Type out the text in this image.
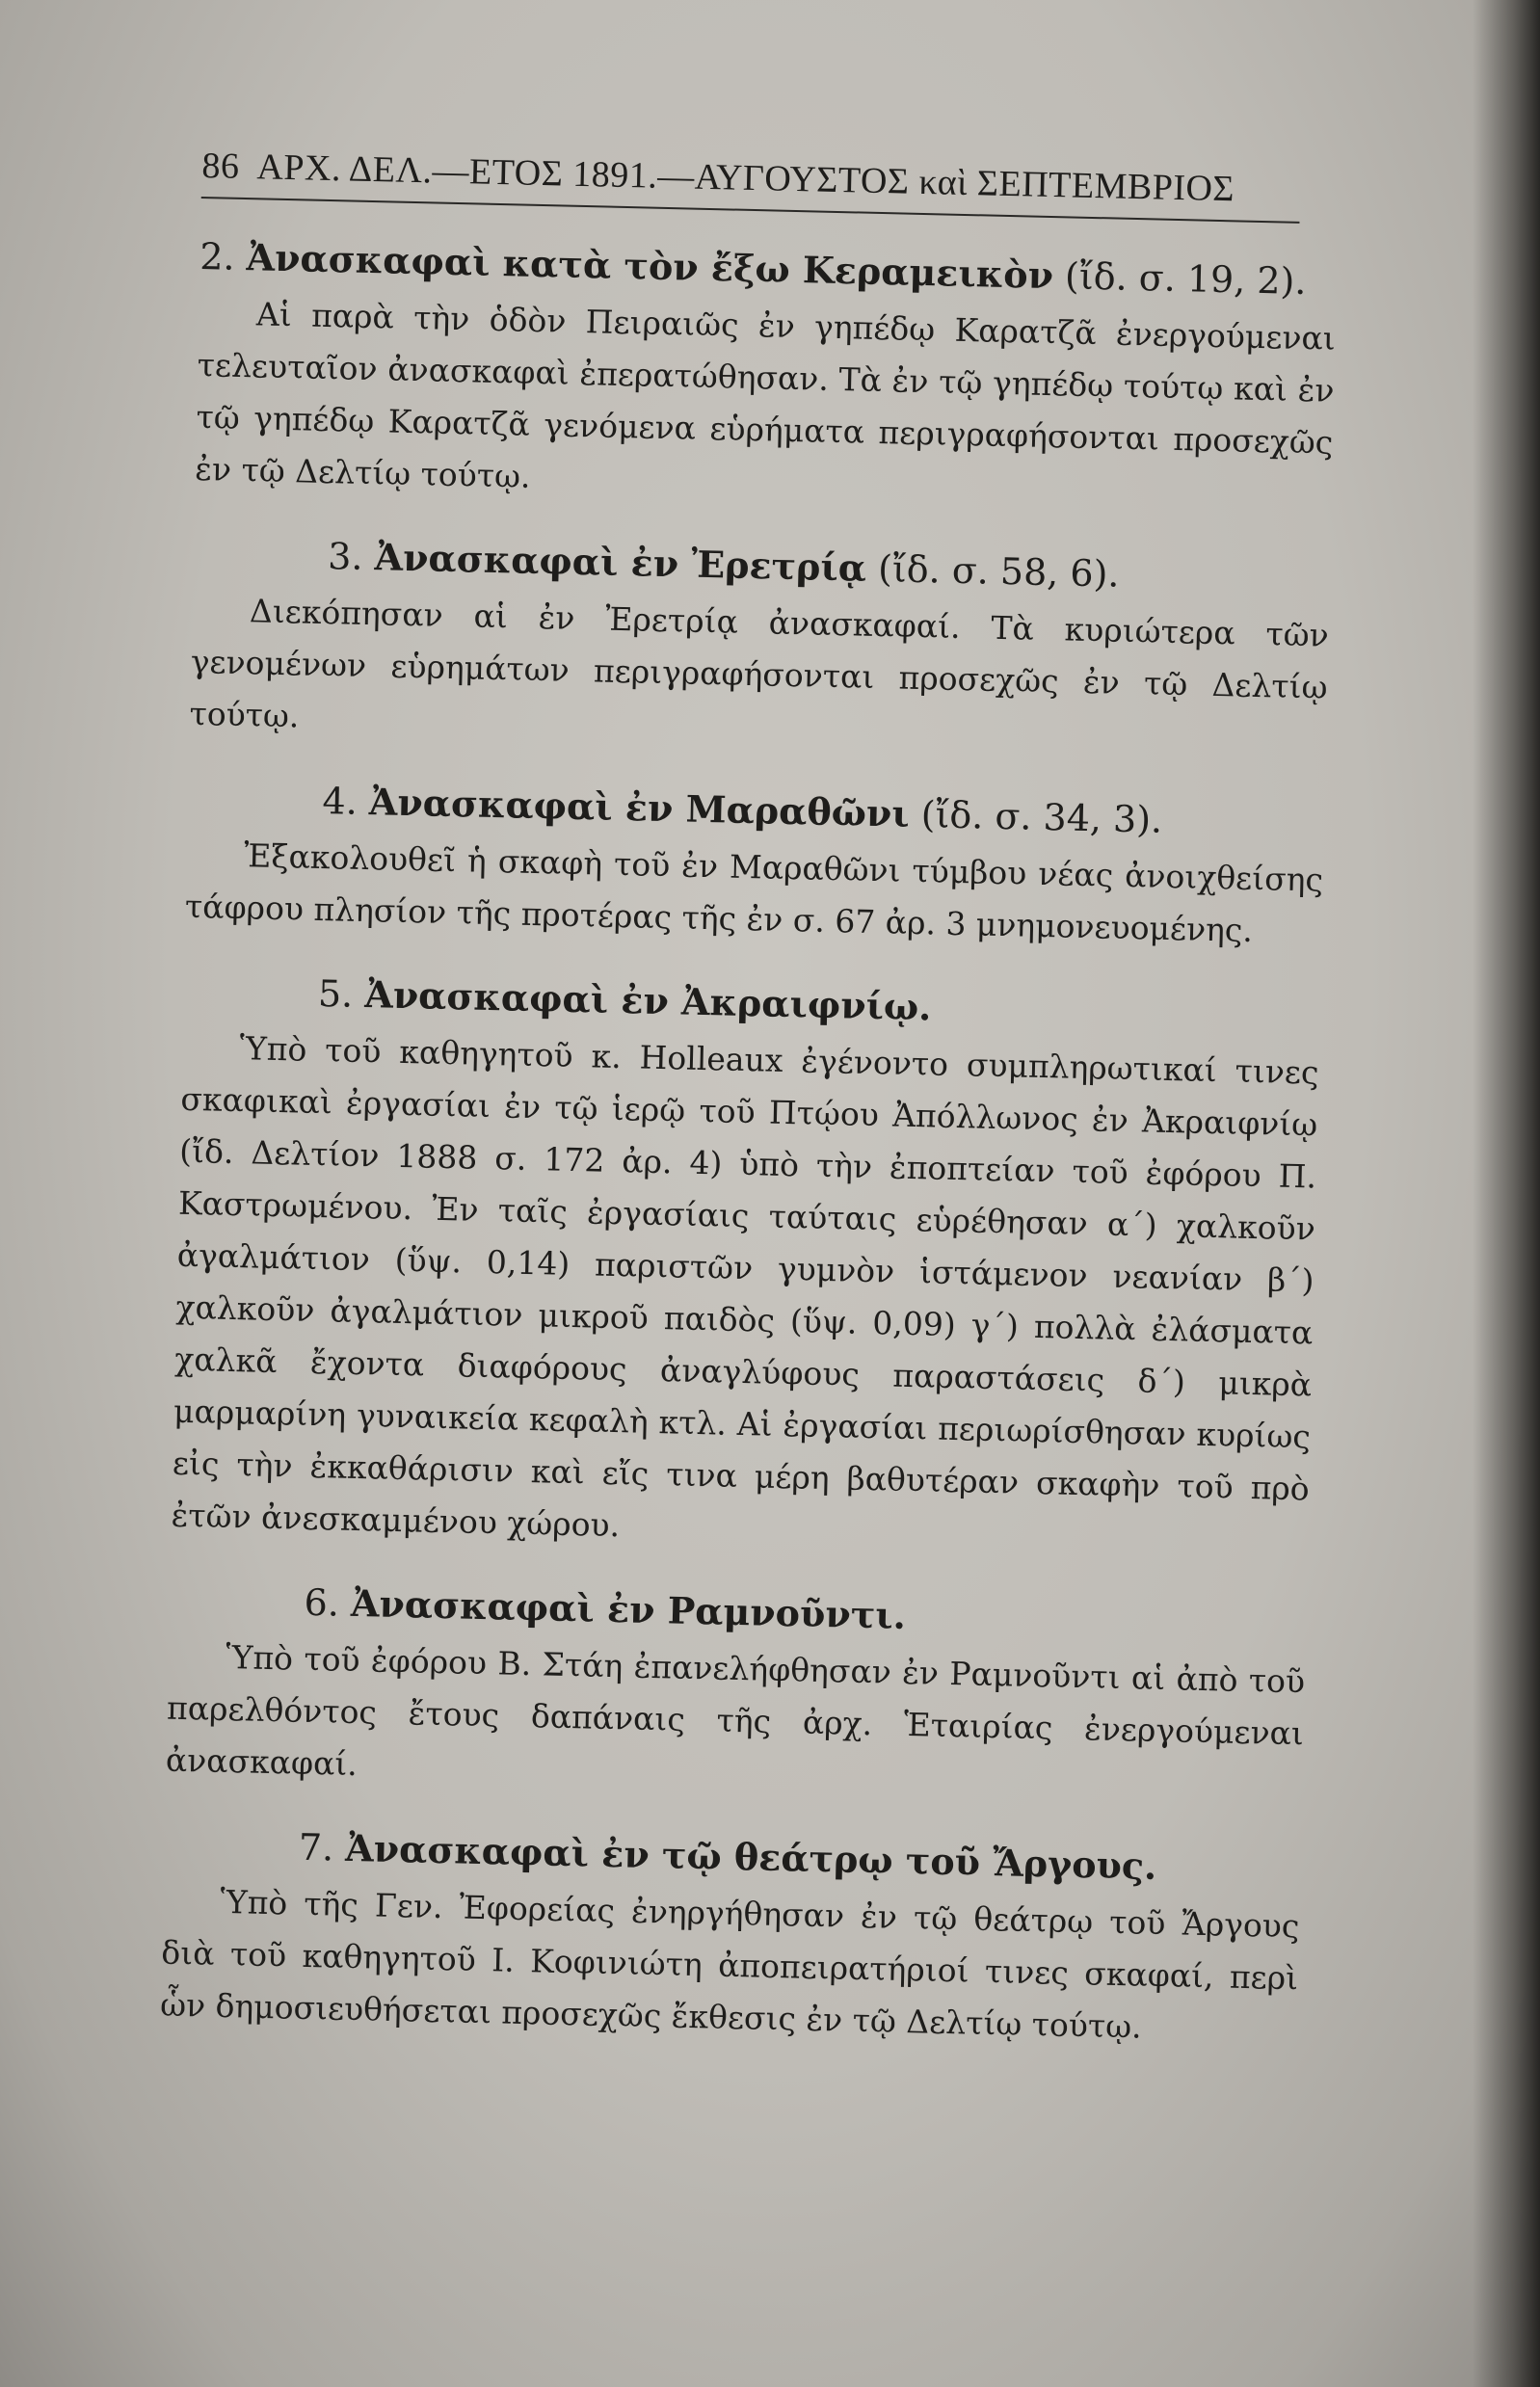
86 ΑΡΧ. ΔΕΛ.—ΕΤΟΣ 1891.—ΑΥΓΟΥΣΤΟΣ καὶ ΣΕΠΤΕΜΒΡΙΟΣ
2. Ἀνασκαφαὶ κατὰ τὸν ἔξω Κεραμεικὸν (ἴδ. σ. 19, 2).
Αἱ παρὰ τὴν ὁδὸν Πειραιῶς ἐν γηπέδῳ Καρατζᾶ ἐνεργούμεναι τελευταῖον ἀνασκαφαὶ ἐπερατώθησαν. Τὰ ἐν τῷ γηπέδῳ τούτῳ καὶ ἐν τῷ γηπέδῳ Καρατζᾶ γενόμενα εὑρήματα περιγραφήσονται προσεχῶς ἐν τῷ Δελτίῳ τούτῳ.
3. Ἀνασκαφαὶ ἐν Ἐρετρίᾳ (ἴδ. σ. 58, 6).
Διεκόπησαν αἱ ἐν Ἐρετρίᾳ ἀνασκαφαί. Τὰ κυριώτερα τῶν γενομένων εὑρημάτων περιγραφήσονται προσεχῶς ἐν τῷ Δελτίῳ τούτῳ.
4. Ἀνασκαφαὶ ἐν Μαραθῶνι (ἴδ. σ. 34, 3).
Ἐξακολουθεῖ ἡ σκαφὴ τοῦ ἐν Μαραθῶνι τύμβου νέας ἀνοιχθείσης τάφρου πλησίον τῆς προτέρας τῆς ἐν σ. 67 ἀρ. 3 μνημονευομένης.
5. Ἀνασκαφαὶ ἐν Ἀκραιφνίῳ.
Ὑπὸ τοῦ καθηγητοῦ κ. Holleaux ἐγένοντο συμπληρωτικαί τινες σκαφικαὶ ἐργασίαι ἐν τῷ ἱερῷ τοῦ Πτῴου Ἀπόλλωνος ἐν Ἀκραιφνίῳ (ἴδ. Δελτίον 1888 σ. 172 ἀρ. 4) ὑπὸ τὴν ἐποπτείαν τοῦ ἐφόρου Π. Καστρωμένου. Ἐν ταῖς ἐργασίαις ταύταις εὑρέθησαν α΄) χαλκοῦν ἀγαλμάτιον (ὕψ. 0,14) παριστῶν γυμνὸν ἱστάμενον νεανίαν β΄) χαλκοῦν ἀγαλμάτιον μικροῦ παιδὸς (ὕψ. 0,09) γ΄) πολλὰ ἐλάσματα χαλκᾶ ἔχοντα διαφόρους ἀναγλύφους παραστάσεις δ΄) μικρὰ μαρμαρίνη γυναικεία κεφαλὴ κτλ. Αἱ ἐργασίαι περιωρίσθησαν κυρίως εἰς τὴν ἐκκαθάρισιν καὶ εἴς τινα μέρη βαθυτέραν σκαφὴν τοῦ πρὸ ἐτῶν ἀνεσκαμμένου χώρου.
6. Ἀνασκαφαὶ ἐν Ραμνοῦντι.
Ὑπὸ τοῦ ἐφόρου Β. Στάη ἐπανελήφθησαν ἐν Ραμνοῦντι αἱ ἀπὸ τοῦ παρελθόντος ἔτους δαπάναις τῆς ἀρχ. Ἑταιρίας ἐνεργούμεναι ἀνασκαφαί.
7. Ἀνασκαφαὶ ἐν τῷ θεάτρῳ τοῦ Ἄργους.
Ὑπὸ τῆς Γεν. Ἐφορείας ἐνηργήθησαν ἐν τῷ θεάτρῳ τοῦ Ἄργους διὰ τοῦ καθηγητοῦ Ι. Κοφινιώτη ἀποπειρατήριοί τινες σκαφαί, περὶ ὧν δημοσιευθήσεται προσεχῶς ἔκθεσις ἐν τῷ Δελτίῳ τούτῳ.
